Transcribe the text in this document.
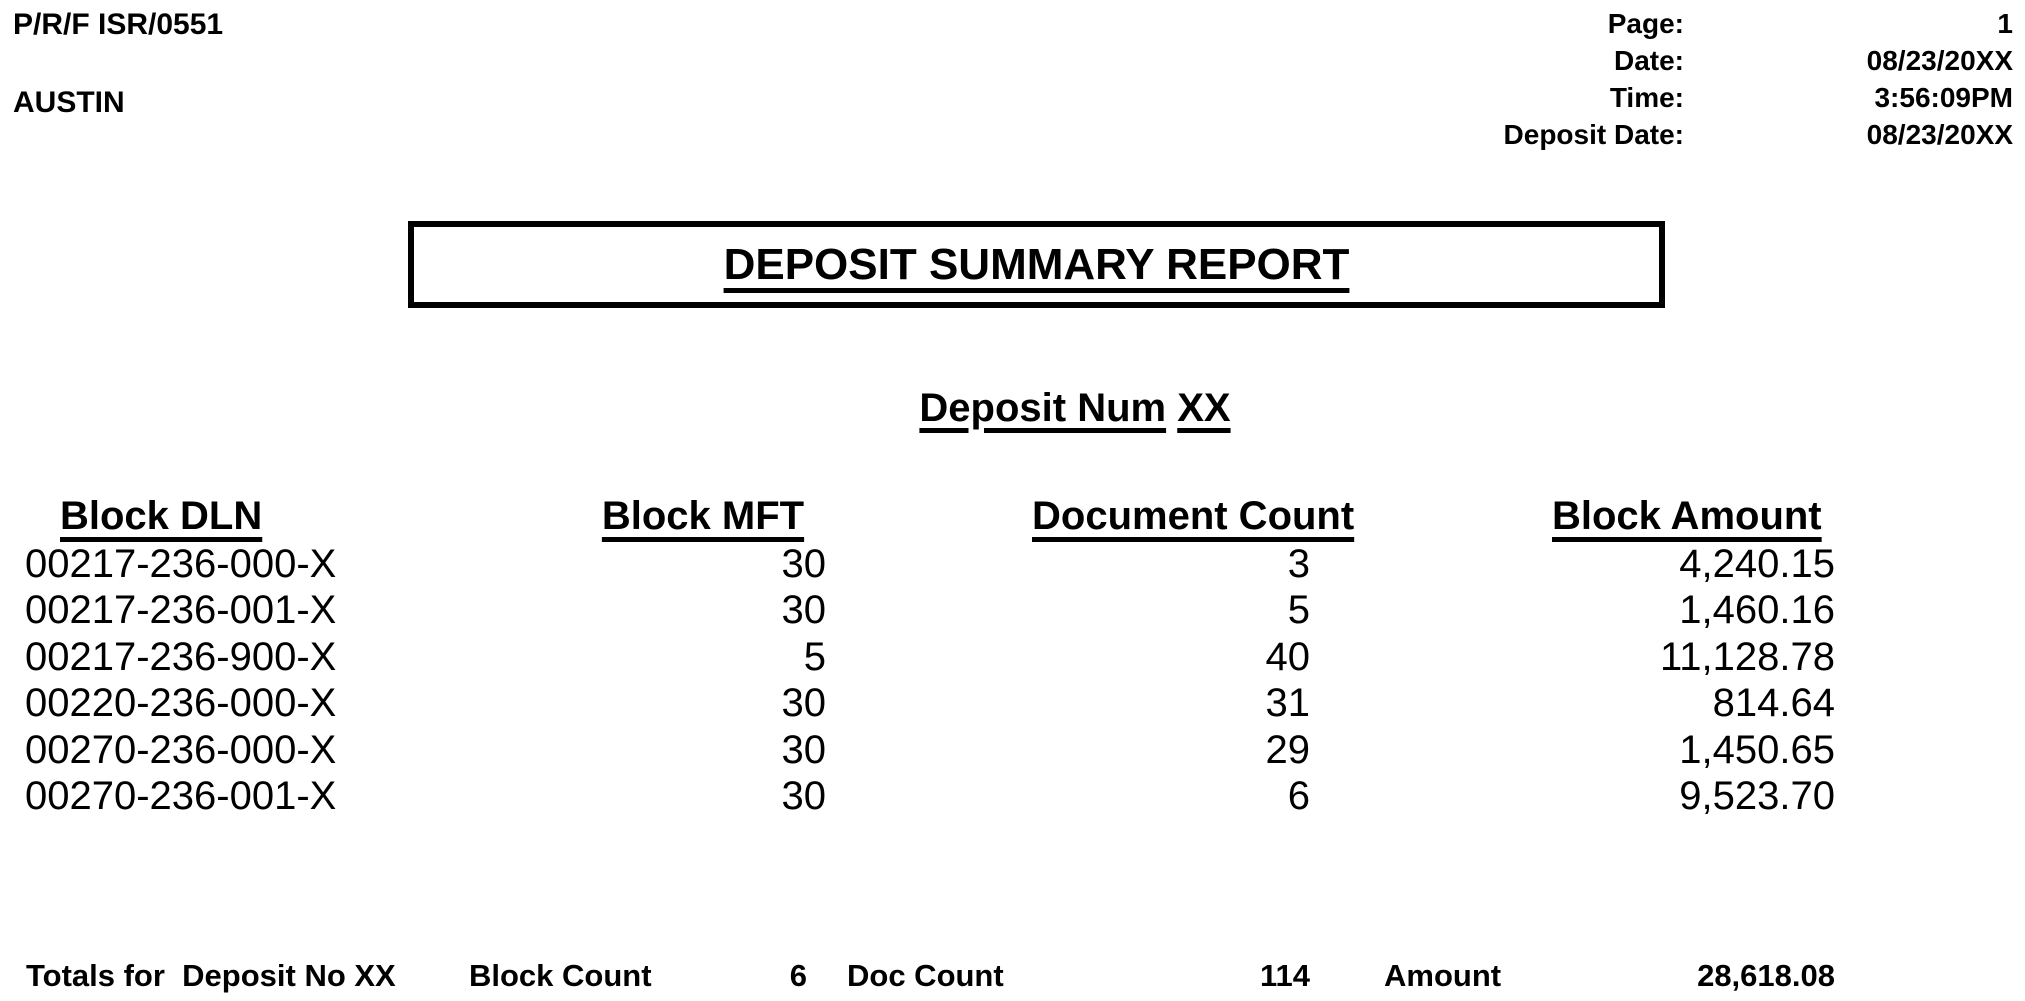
P/R/F ISR/0551
AUSTIN
Page:	1
Date:	08/23/20XX
Time:	3:56:09PM
Deposit Date:	08/23/20XX
DEPOSIT SUMMARY REPORT
Deposit Num XX
Block DLN	Block MFT	Document Count	Block Amount
00217-236-000-X	30	3	4,240.15
00217-236-001-X	30	5	1,460.16
00217-236-900-X	5	40	11,128.78
00220-236-000-X	30	31	814.64
00270-236-000-X	30	29	1,450.65
00270-236-001-X	30	6	9,523.70
Totals for  Deposit No XX Block Count	6 Doc Count	114 Amount	28,618.08
